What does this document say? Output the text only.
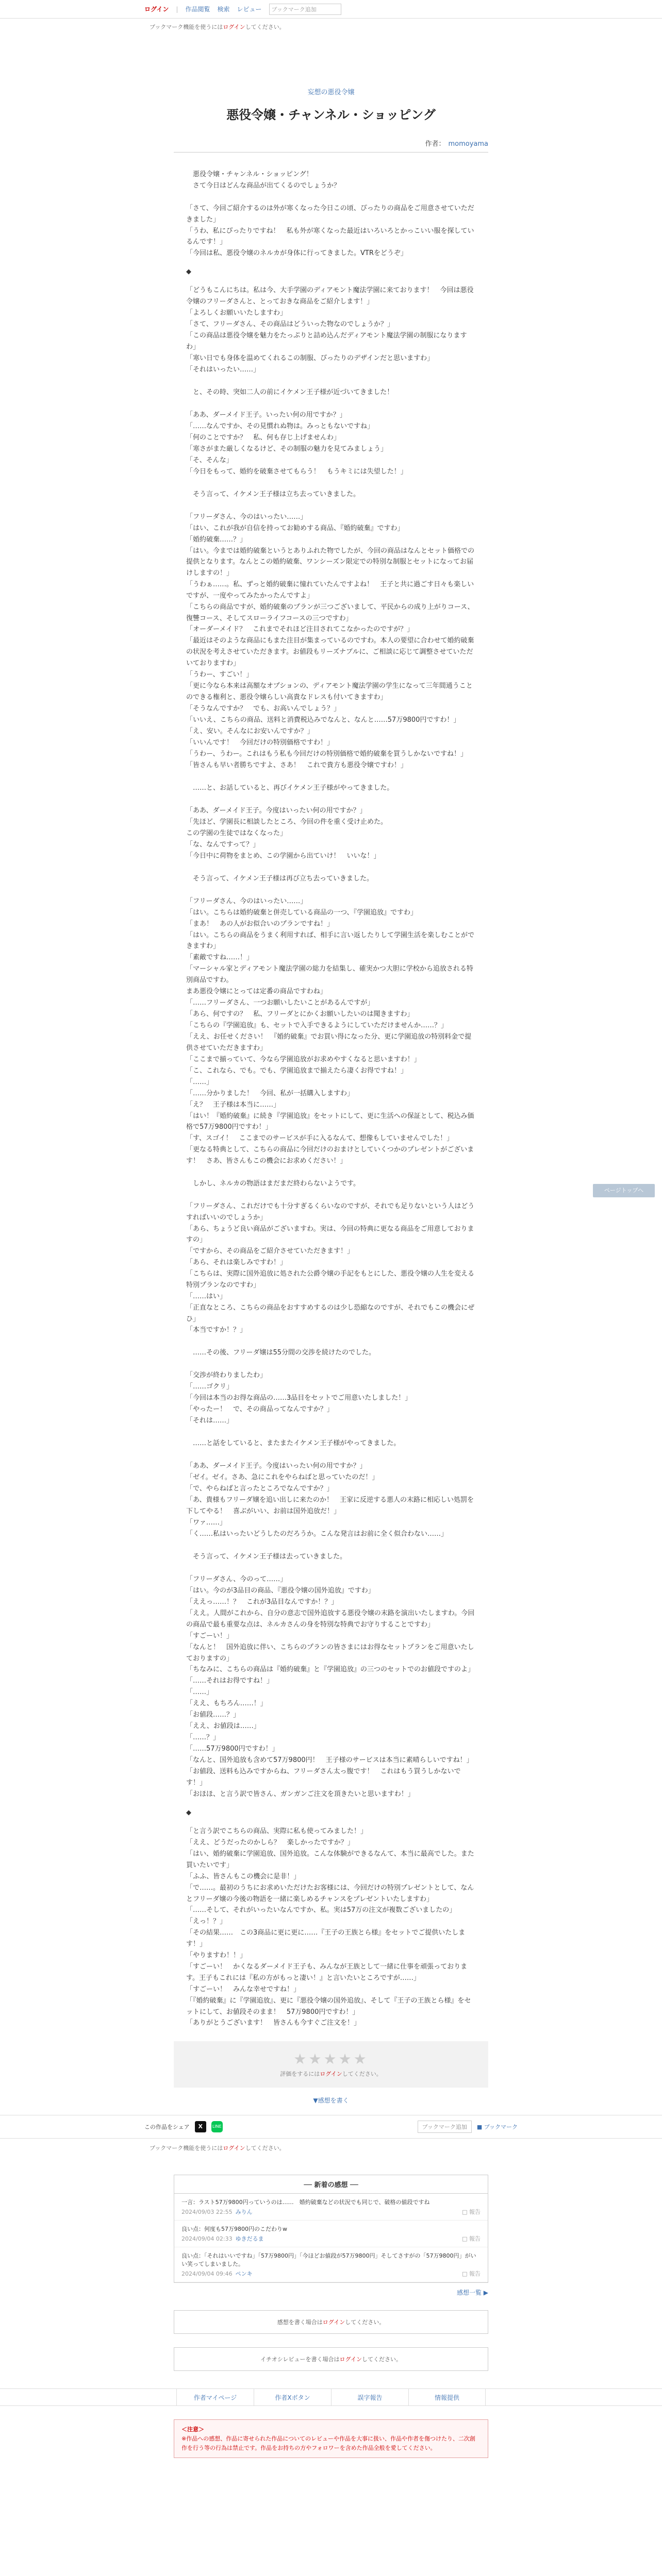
ログイン | 作品閲覧 検索 レビュー	ブックマーク追加
ブックマーク機能を使うにはログインしてください。
妄想の悪役令嬢
悪役令嬢・チャンネル・ショッピング
作者： momoyama

　悪役令嬢・チャンネル・ショッピング！

　さて今日はどんな商品が出てくるのでしょうか？

「さて、今回ご紹介するのは外が寒くなった今日この頃、ぴったりの商品をご用意させていただきました」

「うわ、私にぴったりですね！　私も外が寒くなった最近はいろいろとかっこいい服を探しているんです！」

「今回は私、悪役令嬢のネルカが身体に行ってきました。VTRをどうぞ」

◆

「どうもこんにちは。私は今、大手学園のディアモント魔法学園に来ております！　今回は悪役令嬢のフリーダさんと、とっておきな商品をご紹介します！」

「よろしくお願いいたしますわ」

「さて、フリーダさん、その商品はどういった物なのでしょうか？」

「この商品は悪役令嬢を魅力をたっぷりと詰め込んだディアモント魔法学園の制服になりますわ」

「寒い日でも身体を温めてくれるこの制服、ぴったりのデザインだと思いますわ」

「それはいったい……」

　と、その時、突如二人の前にイケメン王子様が近づいてきました！

「ああ、ダーメイド王子。いったい何の用ですか？」

「……なんですか、その見慣れぬ物は。みっともないですね」

「何のことですか？　私、何も存じ上げませんわ」

「寒さがまた厳しくなるけど、その制服の魅力を見てみましょう」

「そ、そんな」

「今日をもって、婚約を破棄させてもらう！　もうキミには失望した！」

　そう言って、イケメン王子様は立ち去っていきました。

「フリーダさん、今のはいったい……」

「はい、これが我が自信を持ってお勧めする商品、『婚約破棄』ですわ」

「婚約破棄……？」

「はい。今までは婚約破棄というとありふれた物でしたが、今回の商品はなんとセット価格での提供となります。なんとこの婚約破棄、ワンシーズン限定での特別な制服とセットになってお届けしますの！」

「うわぁ……。私、ずっと婚約破棄に憧れていたんですよね！　王子と共に過ごす日々も楽しいですが、一度やってみたかったんですよ」

「こちらの商品ですが、婚約破棄のプランが三つございまして、平民からの成り上がりコース、復讐コース、そしてスローライフコースの三つですわ」

「オーダーメイド？　これまでそれほど注目されてこなかったのですが？」

「最近はそのような商品にもまた注目が集まっているのですわ。本人の要望に合わせて婚約破棄の状況を考えさせていただきます。お値段もリーズナブルに、ご相談に応じて調整させていただいておりますわ」

「うわー、すごい！」

「更に今なら本来は高額なオプションの、ディアモント魔法学園の学生になって三年間通うことのできる権利と、悪役令嬢らしい高貴なドレスも付いてきますわ」

「そうなんですか？　でも、お高いんでしょう？」

「いいえ、こちらの商品、送料と消費税込みでなんと、なんと……57万9800円ですわ！」

「え、安い。そんなにお安いんですか？」

「いいんです！　今回だけの特別価格ですわ！」

「うわー、うわー。これはもう私も今回だけの特別価格で婚約破棄を買うしかないですね！」

「皆さんも早い者勝ちですよ、さあ！　これで貴方も悪役令嬢ですわ！」

　……と、お話していると、再びイケメン王子様がやってきました。

「ああ、ダーメイド王子。今度はいったい何の用ですか？」

「先ほど、学園長に相談したところ、今回の件を重く受け止めた。

この学園の生徒ではなくなった」

「な、なんですって？」

「今日中に荷物をまとめ、この学園から出ていけ！　いいな！」

　そう言って、イケメン王子様は再び立ち去っていきました。

「フリーダさん、今のはいったい……」

「はい。こちらは婚約破棄と併売している商品の一つ、『学園追放』ですわ」

「まあ！　あの人がお似合いのプランですね！」

「はい。こちらの商品をうまく利用すれば、相手に言い返したりして学園生活を楽しむことができますわ」

「素敵ですね……！」

「マーシャル家とディアモント魔法学園の総力を結集し、確実かつ大胆に学校から追放される特別商品ですわ。

まあ悪役令嬢にとっては定番の商品ですわね」

「……フリーダさん、一つお願いしたいことがあるんですが」

「あら、何ですの？　私、フリーダとにかくお願いしたいのは聞きますわ」

「こちらの『学園追放』も、セットで入手できるようにしていただけませんか……？」

「ええ、お任せください！　『婚約破棄』でお買い得になった分、更に学園追放の特別料金で提供させていただきますわ」

「ここまで揃っていて、今なら学園追放がお求めやすくなると思いますわ！」

「こ、これなら、でも。でも、学園追放まで揃えたら凄くお得ですね！」

「……」

「……分かりました！　今回、私が一括購入しますわ」

「え？　王子様は本当に……」

「はい！『婚約破棄』に続き『学園追放』をセットにして、更に生活への保証として、税込み価格で57万9800円ですわ！」

「す、スゴイ！　ここまでのサービスが手に入るなんて、想像もしていませんでした！」

「更なる特典として、こちらの商品に今回だけのおまけとしていくつかのプレゼントがございます！　さあ、皆さんもこの機会にお求めください！」

　しかし、ネルカの物語はまだまだ終わらないようです。

「フリーダさん、これだけでも十分すぎるくらいなのですが、それでも足りないという人はどうすればいいのでしょうか」

「あら、ちょうど良い商品がございますわ。実は、今回の特典に更なる商品をご用意しておりますの」

「ですから、その商品をご紹介させていただきます！」

「あら、それは楽しみですわ！」

「こちらは、実際に国外追放に処された公爵令嬢の手記をもとにした、悪役令嬢の人生を変える特別プランなのですわ」

「……はい」

「正直なところ、こちらの商品をおすすめするのは少し恐縮なのですが、それでもこの機会にぜひ」

「本当ですか！？」

　……その後、フリーダ嬢は55分間の交渉を続けたのでした。

「交渉が終わりましたわ」

「……ゴクリ」

「今回は本当のお得な商品の……3品目をセットでご用意いたしました！」

「やったー！　で、その商品ってなんですか？」

「それは……」

　……と話をしていると、またまたイケメン王子様がやってきました。

「ああ、ダーメイド王子。今度はいったい何の用ですか？」

「ゼイ。ゼイ。さあ、急にこれをやらねばと思っていたのだ！」

「で、やらねばと言ったところでなんですか？」

「あ、貴様もフリーダ嬢を追い出しに来たのか！　王家に反逆する悪人の末路に相応しい処罰を下してやる！　喜ぶがいい、お前は国外追放だ！」

「ワァ……」

「く……私はいったいどうしたのだろうか。こんな発言はお前に全く似合わない……」

　そう言って、イケメン王子様は去っていきました。

「フリーダさん、今のって……」

「はい。今のが3品目の商品、『悪役令嬢の国外追放』ですわ」

「ええっ……！？　これが3品目なんですか！？」

「ええ。人間がこれから、自分の意志で国外追放する悪役令嬢の末路を演出いたしますわ。今回の商品で最も重要な点は、ネルカさんの身を特別な特典でお守りすることですわ」

「すごーい！」

「なんと！　国外追放に伴い、こちらのプランの皆さまにはお得なセットプランをご用意いたしておりますの」

「ちなみに、こちらの商品は『婚約破棄』と『学園追放』の三つのセットでのお値段ですのよ」

「……それはお得ですね！」

「……」

「ええ、もちろん……！」

「お値段……？」

「ええ、お値段は……」

「……？」

「……57万9800円ですわ！」

「なんと、国外追放も含めて57万9800円！　王子様のサービスは本当に素晴らしいですね！」

「お値段、送料も込みですからね、フリーダさん太っ腹です！　これはもう買うしかないです！」

「おほほ、と言う訳で皆さん、ガンガンご注文を頂きたいと思いますわ！」

◆

「と言う訳でこちらの商品、実際に私も使ってみました！」

「ええ、どうだったのかしら？　楽しかったですか？」

「はい、婚約破棄に学園追放、国外追放。こんな体験ができるなんて、本当に最高でした。また買いたいです」

「ふふ、皆さんもこの機会に是非！」

「で……。最初のうちにお求めいただけたお客様には、今回だけの特別プレゼントとして、なんとフリーダ嬢の今後の物語を一緒に楽しめるチャンスをプレゼントいたしますわ」

「……そして、それがいったいなんですか、私。実は57万の注文が複数ございましたの」

「えっ！？」

「その結果……　この3商品に更に更に……『王子の王族とら様』をセットでご提供いたします！」

「やりますわ！！」

「すごーい！　かくなるダーメイド王子も、みんなが王族として一緒に仕事を頑張っております。王子もこれには『私の方がもっと凄い！』と言いたいところですが……」

「すごーい！　みんな幸せですね！」

「『婚約破棄』に『学園追放』、更に『悪役令嬢の国外追放』、そして『王子の王族とら様』をセットにして、お値段そのまま！　57万9800円ですわ！」

「ありがとうございます！　皆さんも今すぐご注文を！」

ページトップへ
★★★★★
評価をするにはログインしてください。
▼感想を書く
この作品をシェア	X	LINE	ブックマーク追加	■ ブックマーク
ブックマーク機能を使うにはログインしてください。
── 新着の感想 ──
一言：ラスト57万9800円っていうのは……　婚約破棄などの状況でも同じで、破格の値段ですね
2024/09/03 22:55 みりん	□ 報告
良い点：何度も57万9800円のこだわりw
2024/09/04 02:33 ゆきだるま	□ 報告
良い点：「それはいいですね」「57万9800円」「今ほどお値段が57万9800円」そしてさすがの「57万9800円」がいい笑ってしまいました。
2024/09/04 09:46 ペンキ	□ 報告
感想一覧 ▶
感想を書く場合はログインしてください。
イチオシレビューを書く場合はログインしてください。
作者マイページ	作者Xボタン	誤字報告	情報提供
＜注意＞
※作品への感想、作品に寄せられた作品についてのレビューや作品を大事に扱い、作品や作者を傷つけたり、二次創作を行う等の行為は禁止です。作品をお持ちの方やフォロワーを含めた作品全般を愛してください。
